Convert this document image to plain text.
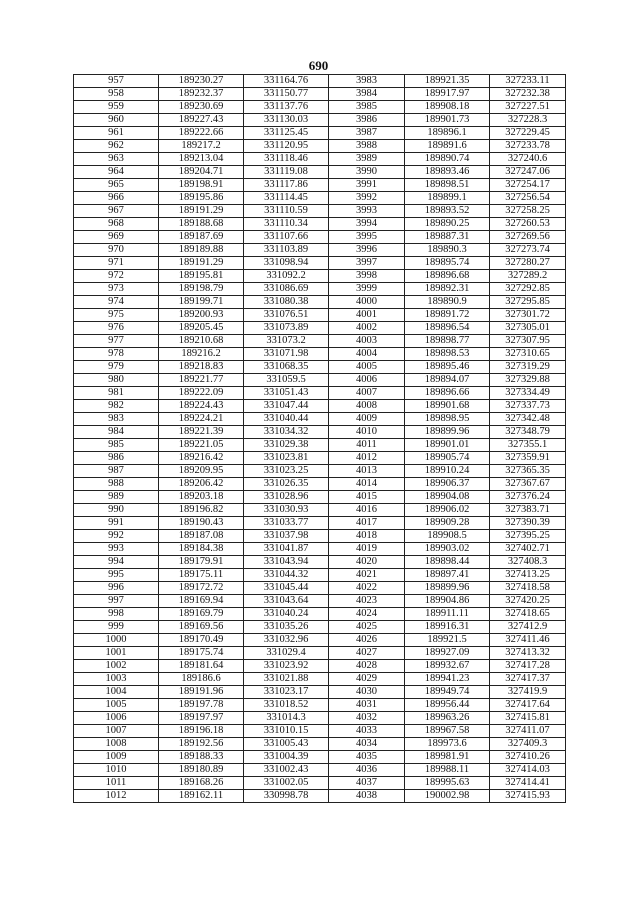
690
957	189230.27	331164.76	3983	189921.35	327233.11
958	189232.37	331150.77	3984	189917.97	327232.38
959	189230.69	331137.76	3985	189908.18	327227.51
960	189227.43	331130.03	3986	189901.73	327228.3
961	189222.66	331125.45	3987	189896.1	327229.45
962	189217.2	331120.95	3988	189891.6	327233.78
963	189213.04	331118.46	3989	189890.74	327240.6
964	189204.71	331119.08	3990	189893.46	327247.06
965	189198.91	331117.86	3991	189898.51	327254.17
966	189195.86	331114.45	3992	189899.1	327256.54
967	189191.29	331110.59	3993	189893.52	327258.25
968	189188.68	331110.34	3994	189890.25	327260.53
969	189187.69	331107.66	3995	189887.31	327269.56
970	189189.88	331103.89	3996	189890.3	327273.74
971	189191.29	331098.94	3997	189895.74	327280.27
972	189195.81	331092.2	3998	189896.68	327289.2
973	189198.79	331086.69	3999	189892.31	327292.85
974	189199.71	331080.38	4000	189890.9	327295.85
975	189200.93	331076.51	4001	189891.72	327301.72
976	189205.45	331073.89	4002	189896.54	327305.01
977	189210.68	331073.2	4003	189898.77	327307.95
978	189216.2	331071.98	4004	189898.53	327310.65
979	189218.83	331068.35	4005	189895.46	327319.29
980	189221.77	331059.5	4006	189894.07	327329.88
981	189222.09	331051.43	4007	189896.66	327334.49
982	189224.43	331047.44	4008	189901.68	327337.73
983	189224.21	331040.44	4009	189898.95	327342.48
984	189221.39	331034.32	4010	189899.96	327348.79
985	189221.05	331029.38	4011	189901.01	327355.1
986	189216.42	331023.81	4012	189905.74	327359.91
987	189209.95	331023.25	4013	189910.24	327365.35
988	189206.42	331026.35	4014	189906.37	327367.67
989	189203.18	331028.96	4015	189904.08	327376.24
990	189196.82	331030.93	4016	189906.02	327383.71
991	189190.43	331033.77	4017	189909.28	327390.39
992	189187.08	331037.98	4018	189908.5	327395.25
993	189184.38	331041.87	4019	189903.02	327402.71
994	189179.91	331043.94	4020	189898.44	327408.3
995	189175.11	331044.32	4021	189897.41	327413.25
996	189172.72	331045.44	4022	189899.96	327418.58
997	189169.94	331043.64	4023	189904.86	327420.25
998	189169.79	331040.24	4024	189911.11	327418.65
999	189169.56	331035.26	4025	189916.31	327412.9
1000	189170.49	331032.96	4026	189921.5	327411.46
1001	189175.74	331029.4	4027	189927.09	327413.32
1002	189181.64	331023.92	4028	189932.67	327417.28
1003	189186.6	331021.88	4029	189941.23	327417.37
1004	189191.96	331023.17	4030	189949.74	327419.9
1005	189197.78	331018.52	4031	189956.44	327417.64
1006	189197.97	331014.3	4032	189963.26	327415.81
1007	189196.18	331010.15	4033	189967.58	327411.07
1008	189192.56	331005.43	4034	189973.6	327409.3
1009	189188.33	331004.39	4035	189981.91	327410.26
1010	189180.89	331002.43	4036	189988.11	327414.03
1011	189168.26	331002.05	4037	189995.63	327414.41
1012	189162.11	330998.78	4038	190002.98	327415.93
